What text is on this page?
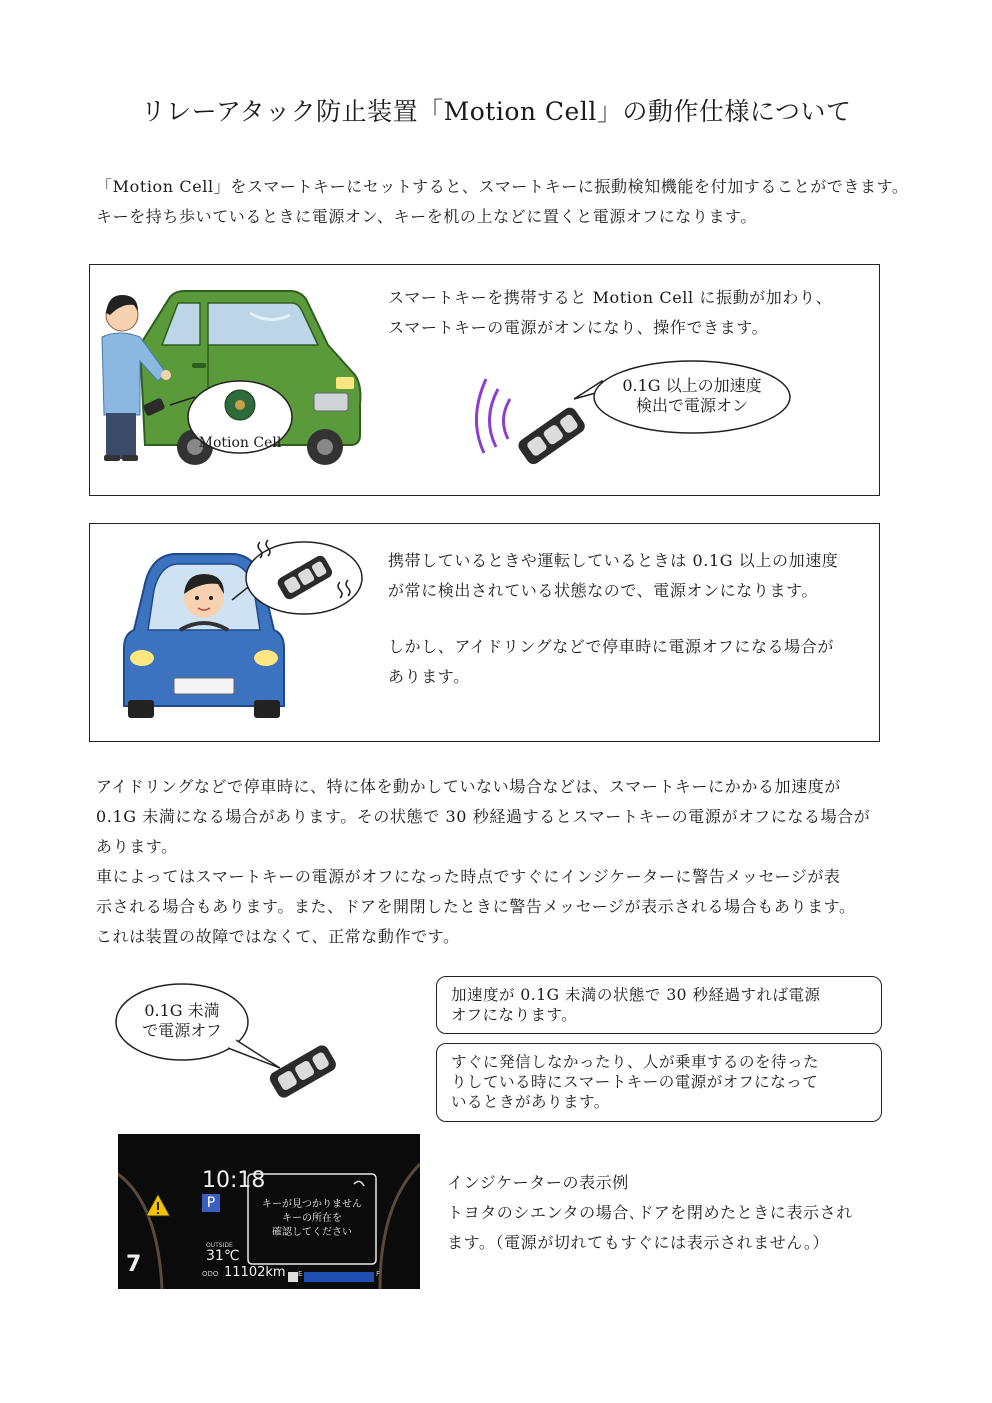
リレーアタック防止装置「Motion Cell」の動作仕様について
「Motion Cell」をスマートキーにセットすると、スマートキーに振動検知機能を付加することができます。
キーを持ち歩いているときに電源オン、キーを机の上などに置くと電源オフになります。
Motion Cell
スマートキーを携帯すると Motion Cell に振動が加わり、
スマートキーの電源がオンになり、操作できます。
0.1G 以上の加速度
検出で電源オン
携帯しているときや運転しているときは 0.1G 以上の加速度
が常に検出されている状態なので、電源オンになります。
しかし、アイドリングなどで停車時に電源オフになる場合が
あります。
アイドリングなどで停車時に、特に体を動かしていない場合などは、スマートキーにかかる加速度が
0.1G 未満になる場合があります。その状態で 30 秒経過するとスマートキーの電源がオフになる場合が
あります。
車によってはスマートキーの電源がオフになった時点ですぐにインジケーターに警告メッセージが表
示される場合もあります。また、ドアを開閉したときに警告メッセージが表示される場合もあります。
これは装置の故障ではなくて、正常な動作です。
0.1G 未満
で電源オフ
加速度が 0.1G 未満の状態で 30 秒経過すれば電源
オフになります。
すぐに発信しなかったり、人が乗車するのを待った
りしている時にスマートキーの電源がオフになって
いるときがあります。
10:18
P	キーが見つかりません
キーの所在を
確認してください
OUTSIDE
31℃
ODO 11102km E	F
7
インジケーターの表示例
トヨタのシエンタの場合､ドアを閉めたときに表示され
ます。（電源が切れてもすぐには表示されません。）
